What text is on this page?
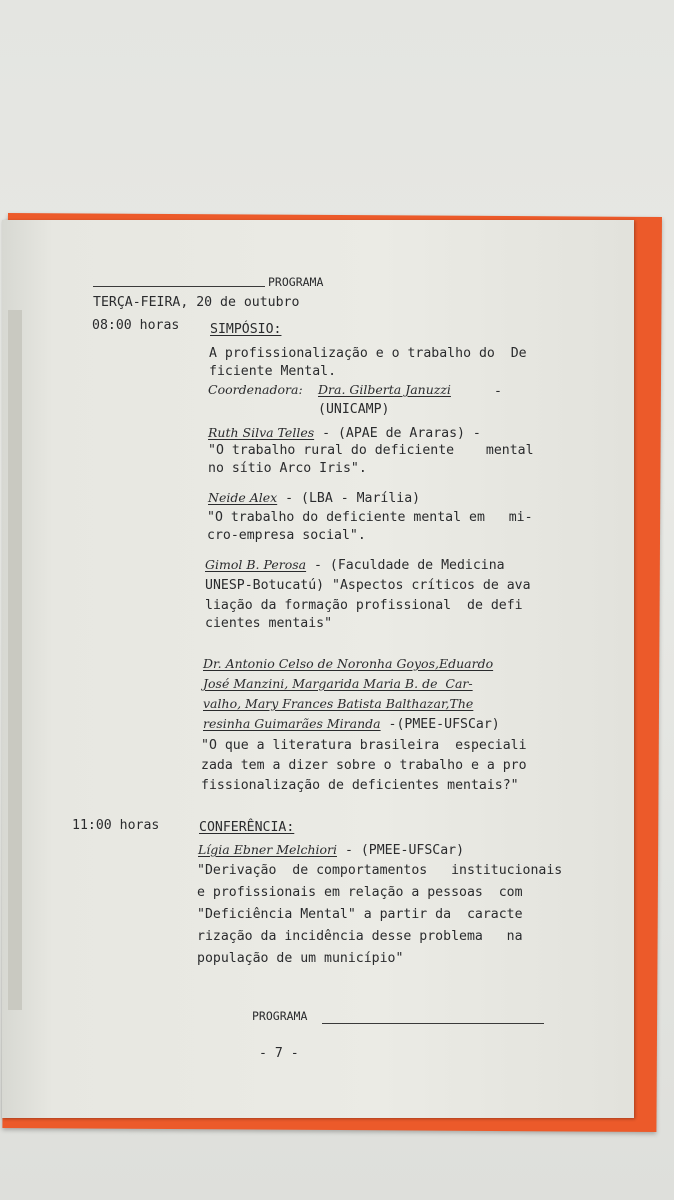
PROGRAMA
TERÇA-FEIRA, 20 de outubro
08:00 horas SIMPÓSIO:
A profissionalização e o trabalho do  De
ficiente Mental.
Coordenadora: Dra. Gilberta Januzzi	-
(UNICAMP)
Ruth Silva Telles - (APAE de Araras) -
"O trabalho rural do deficiente    mental
no sítio Arco Iris".
Neide Alex - (LBA - Marília)
"O trabalho do deficiente mental em   mi-
cro-empresa social".
Gimol B. Perosa - (Faculdade de Medicina
UNESP-Botucatú) "Aspectos críticos de ava
liação da formação profissional  de defi
cientes mentais"
Dr. Antonio Celso de Noronha Goyos,Eduardo
José Manzini, Margarida Maria B. de  Car-
valho, Mary Frances Batista Balthazar,The
resinha Guimarães Miranda -(PMEE-UFSCar)
"O que a literatura brasileira  especiali
zada tem a dizer sobre o trabalho e a pro
fissionalização de deficientes mentais?"
11:00 horas	CONFERÊNCIA:
Lígia Ebner Melchiori - (PMEE-UFSCar)
"Derivação  de comportamentos   institucionais
e profissionais em relação a pessoas  com
"Deficiência Mental" a partir da  caracte
rização da incidência desse problema   na
população de um município"
PROGRAMA
- 7 -
